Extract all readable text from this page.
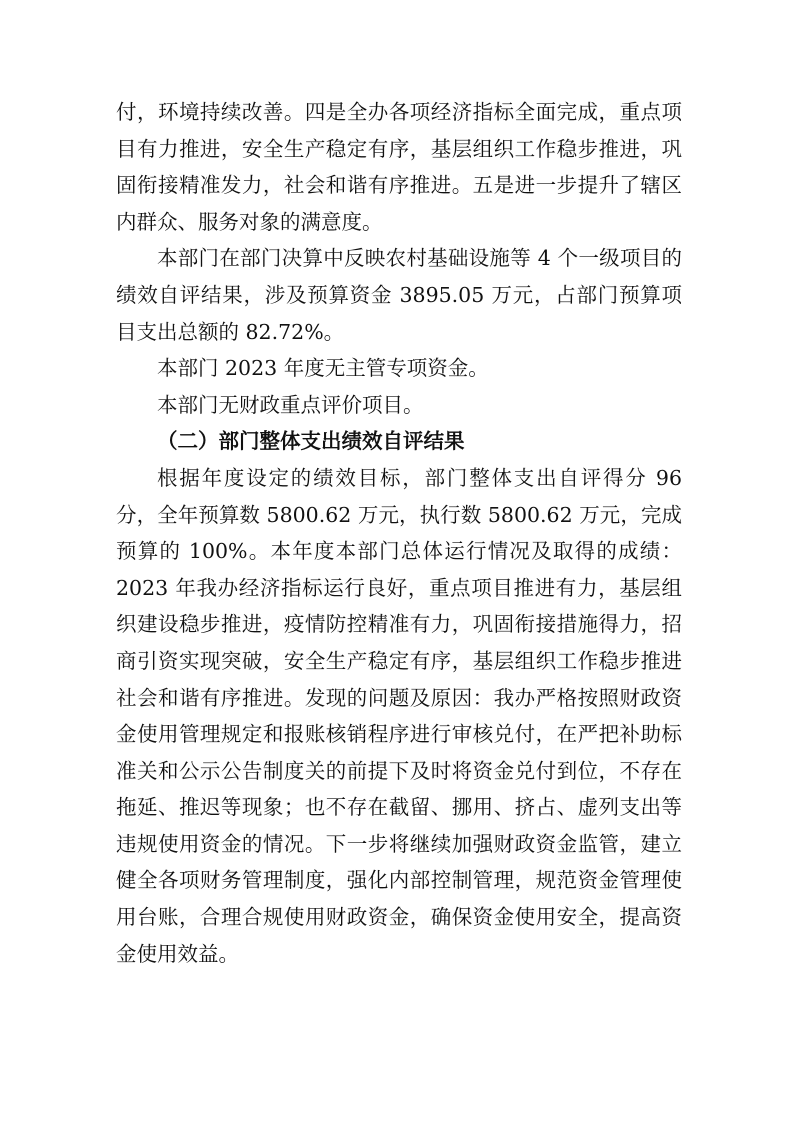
付，环境持续改善。四是全办各项经济指标全面完成，重点项目有力推进，安全生产稳定有序，基层组织工作稳步推进，巩固衔接精准发力，社会和谐有序推进。五是进一步提升了辖区内群众、服务对象的满意度。

本部门在部门决算中反映农村基础设施等 4 个一级项目的绩效自评结果，涉及预算资金 3895.05 万元，占部门预算项目支出总额的 82.72%。

本部门 2023 年度无主管专项资金。

本部门无财政重点评价项目。

（二）部门整体支出绩效自评结果

根据年度设定的绩效目标，部门整体支出自评得分 96 分，全年预算数 5800.62 万元，执行数 5800.62 万元，完成预算的 100%。本年度本部门总体运行情况及取得的成绩：2023 年我办经济指标运行良好，重点项目推进有力，基层组织建设稳步推进，疫情防控精准有力，巩固衔接措施得力，招商引资实现突破，安全生产稳定有序，基层组织工作稳步推进社会和谐有序推进。发现的问题及原因：我办严格按照财政资金使用管理规定和报账核销程序进行审核兑付，在严把补助标准关和公示公告制度关的前提下及时将资金兑付到位，不存在拖延、推迟等现象；也不存在截留、挪用、挤占、虚列支出等违规使用资金的情况。下一步将继续加强财政资金监管，建立健全各项财务管理制度，强化内部控制管理，规范资金管理使用台账，合理合规使用财政资金，确保资金使用安全，提高资金使用效益。
